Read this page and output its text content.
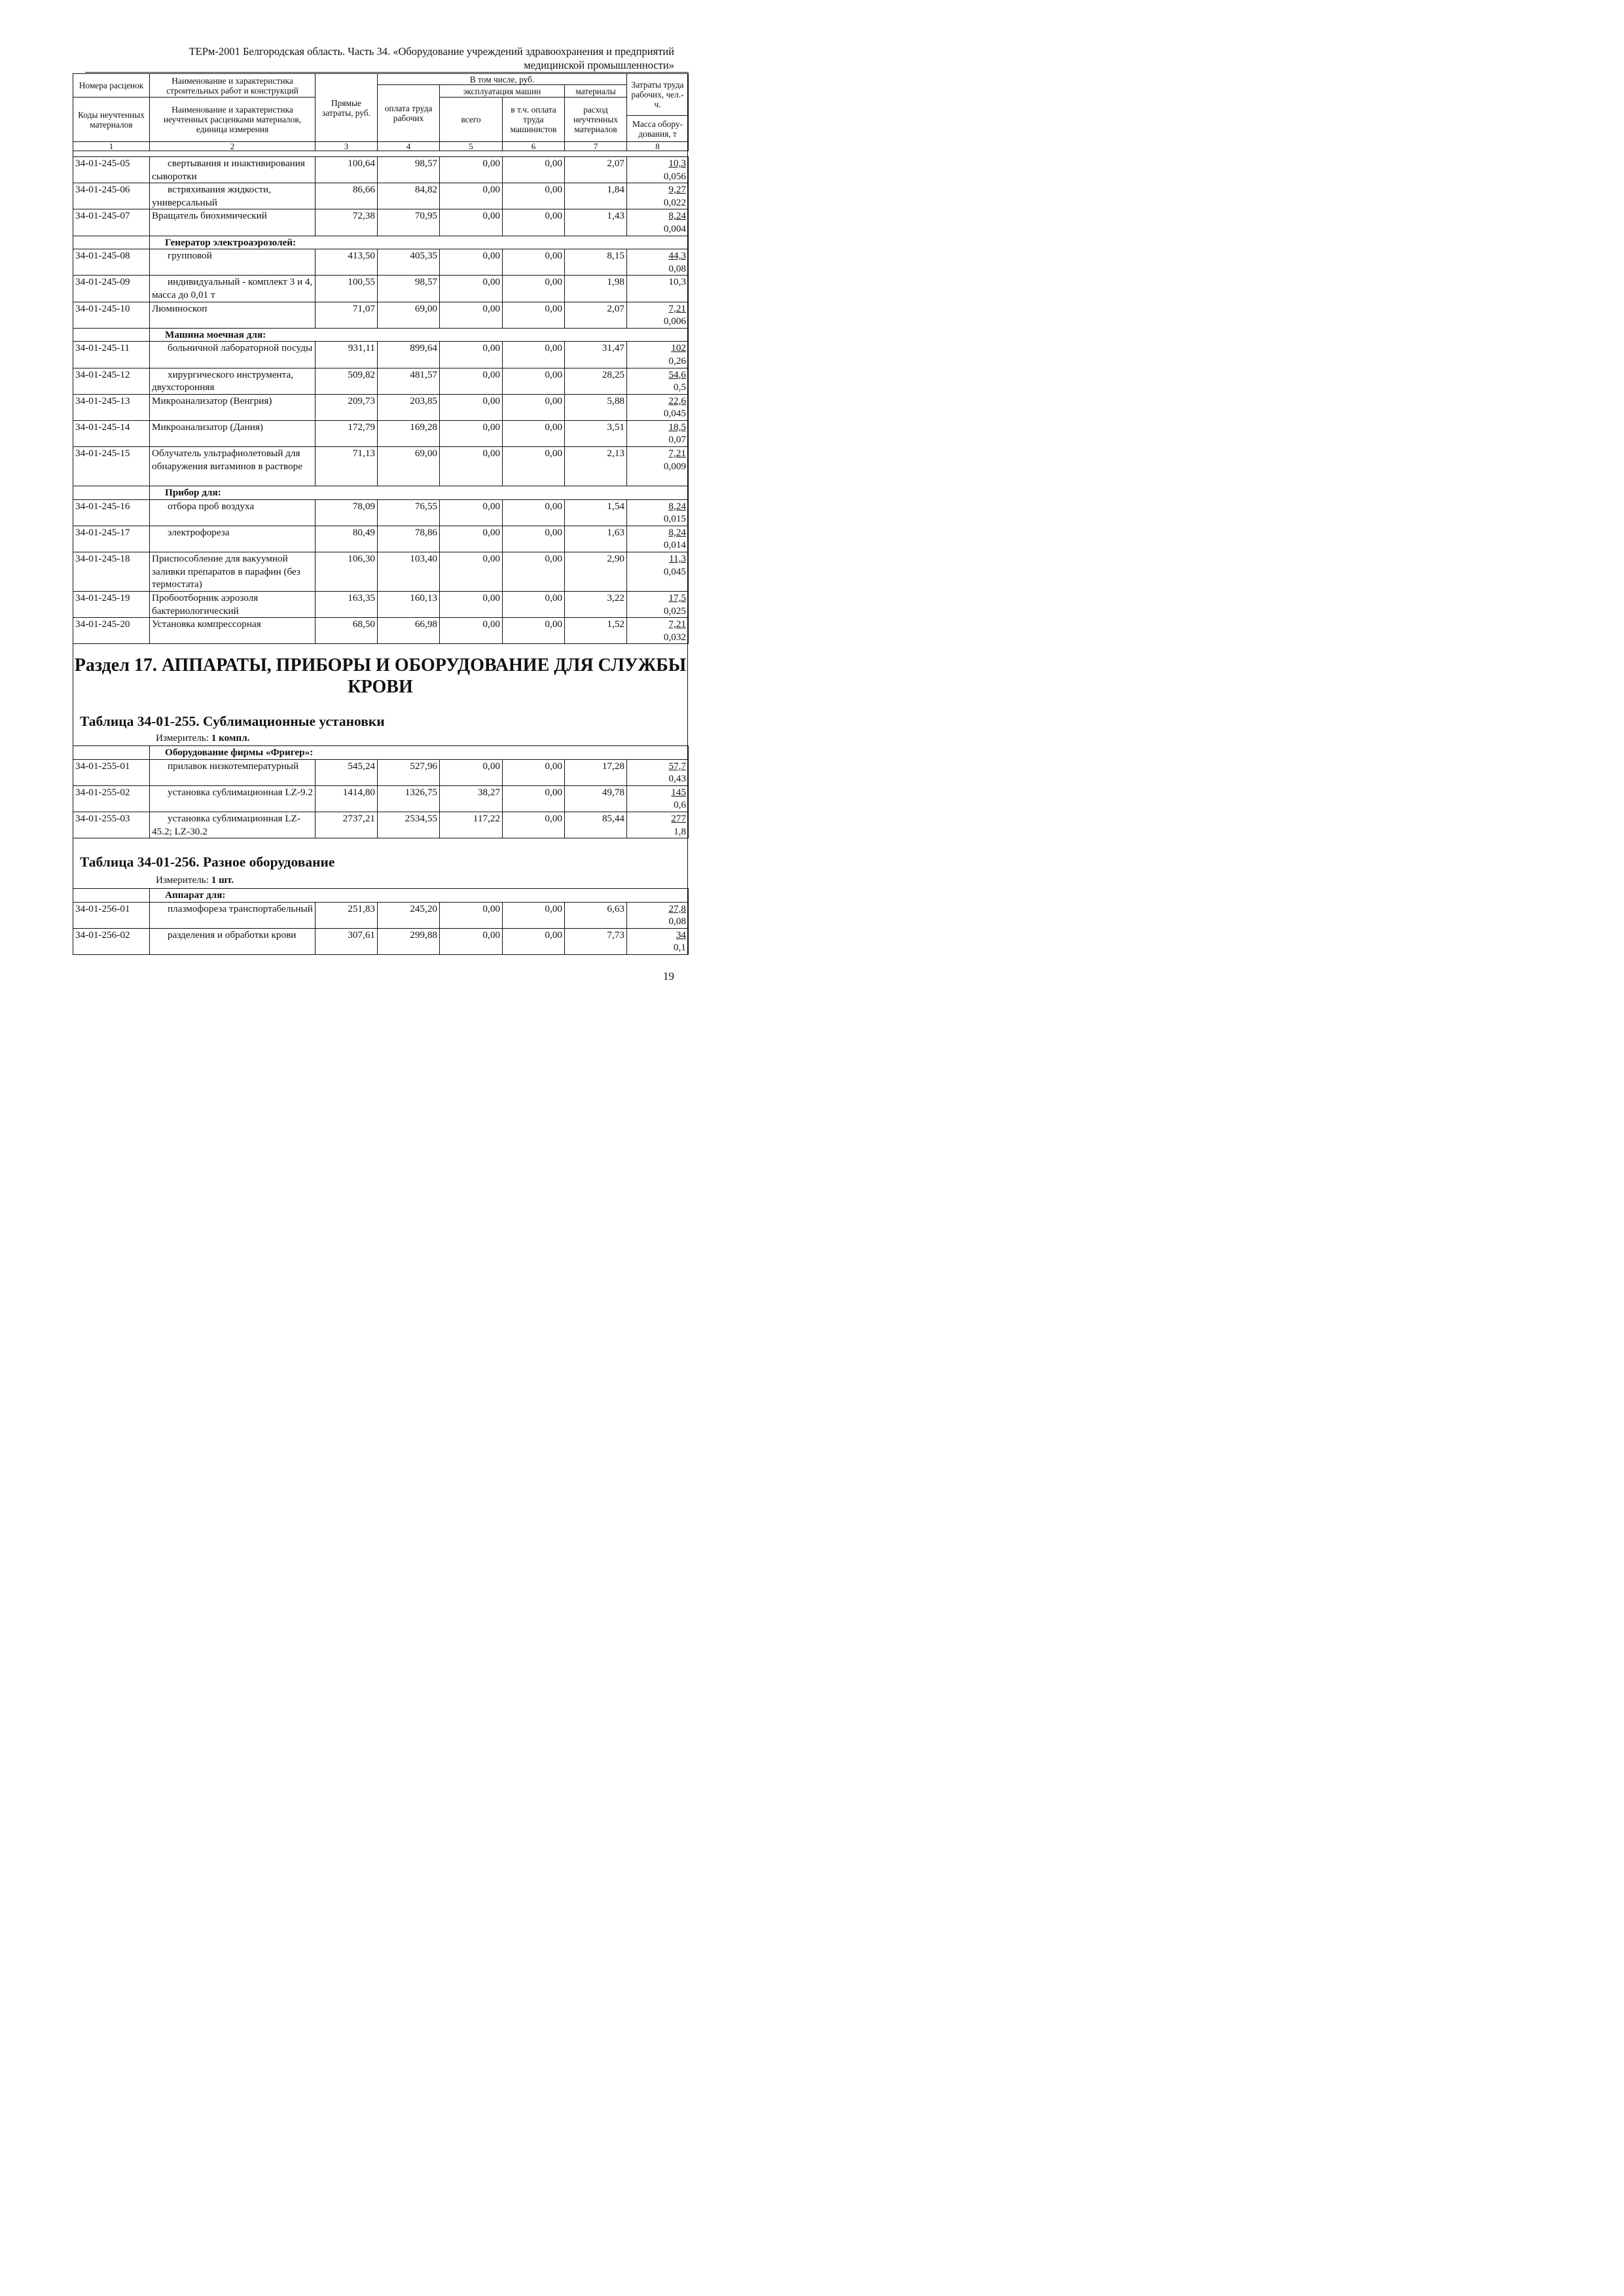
ТЕРм-2001 Белгородская область. Часть 34. «Оборудование учреждений здравоохранения и предприятий
медицинской промышленности»
Номера расценок	Наименование и характеристика строительных работ и конструкций	Прямые затраты, руб.	В том числе, руб.				Затраты труда рабочих, чел.-ч.
			оплата труда рабочих	эксплуатация машин		материалы	
Коды неучтенных материалов	Наименование и характеристика неучтенных расценками материалов, единица измерения			всего	в т.ч. оплата труда машинистов	расход неучтенных материалов	
							Масса обору-дования, т
1	2	3	4	5	6	7	8
34-01-245-05	свертывания и инактивирования сыворотки	100,64	98,57	0,00	0,00	2,07	10,3
0,056

34-01-245-06	встряхивания жидкости, универсальный	86,66	84,82	0,00	0,00	1,84	9,27
0,022

34-01-245-07	Вращатель биохимический	72,38	70,95	0,00	0,00	1,43	8,24
0,004

	Генератор электроаэрозолей:						
34-01-245-08	групповой	413,50	405,35	0,00	0,00	8,15	44,3
0,08

34-01-245-09	индивидуальный - комплект 3 и 4, масса до 0,01 т	100,55	98,57	0,00	0,00	1,98	10,3

34-01-245-10	Люминоскоп	71,07	69,00	0,00	0,00	2,07	7,21
0,006

	Машина моечная для:						
34-01-245-11	больничной лабораторной посуды	931,11	899,64	0,00	0,00	31,47	102
0,26

34-01-245-12	хирургического инструмента, двухсторонняя	509,82	481,57	0,00	0,00	28,25	54,6
0,5

34-01-245-13	Микроанализатор (Венгрия)	209,73	203,85	0,00	0,00	5,88	22,6
0,045

34-01-245-14	Микроанализатор (Дания)	172,79	169,28	0,00	0,00	3,51	18,5
0,07

34-01-245-15	Облучатель ультрафиолетовый для обнаружения витаминов в растворе	71,13	69,00	0,00	0,00	2,13	7,21
0,009

	Прибор для:						
34-01-245-16	отбора проб воздуха	78,09	76,55	0,00	0,00	1,54	8,24
0,015

34-01-245-17	электрофореза	80,49	78,86	0,00	0,00	1,63	8,24
0,014

34-01-245-18	Приспособление для вакуумной заливки препаратов в парафин (без термостата)	106,30	103,40	0,00	0,00	2,90	11,3
0,045

34-01-245-19	Пробоотборник аэрозоля бактериологический	163,35	160,13	0,00	0,00	3,22	17,5
0,025

34-01-245-20	Установка компрессорная	68,50	66,98	0,00	0,00	1,52	7,21
0,032
Раздел 17. АППАРАТЫ, ПРИБОРЫ И ОБОРУДОВАНИЕ ДЛЯ СЛУЖБЫ КРОВИ
Таблица 34-01-255. Сублимационные установки
Измеритель: 1 компл.
	Оборудование фирмы «Фригер»:						
34-01-255-01	прилавок низкотемпературный	545,24	527,96	0,00	0,00	17,28	57,7
0,43

34-01-255-02	установка сублимационная LZ-9.2	1414,80	1326,75	38,27	0,00	49,78	145
0,6

34-01-255-03	установка сублимационная LZ-45.2; LZ-30.2	2737,21	2534,55	117,22	0,00	85,44	277
1,8
Таблица 34-01-256. Разное оборудование
Измеритель: 1 шт.
	Аппарат для:						
34-01-256-01	плазмофореза транспортабельный	251,83	245,20	0,00	0,00	6,63	27,8
0,08

34-01-256-02	разделения и обработки крови	307,61	299,88	0,00	0,00	7,73	34
0,1
19
